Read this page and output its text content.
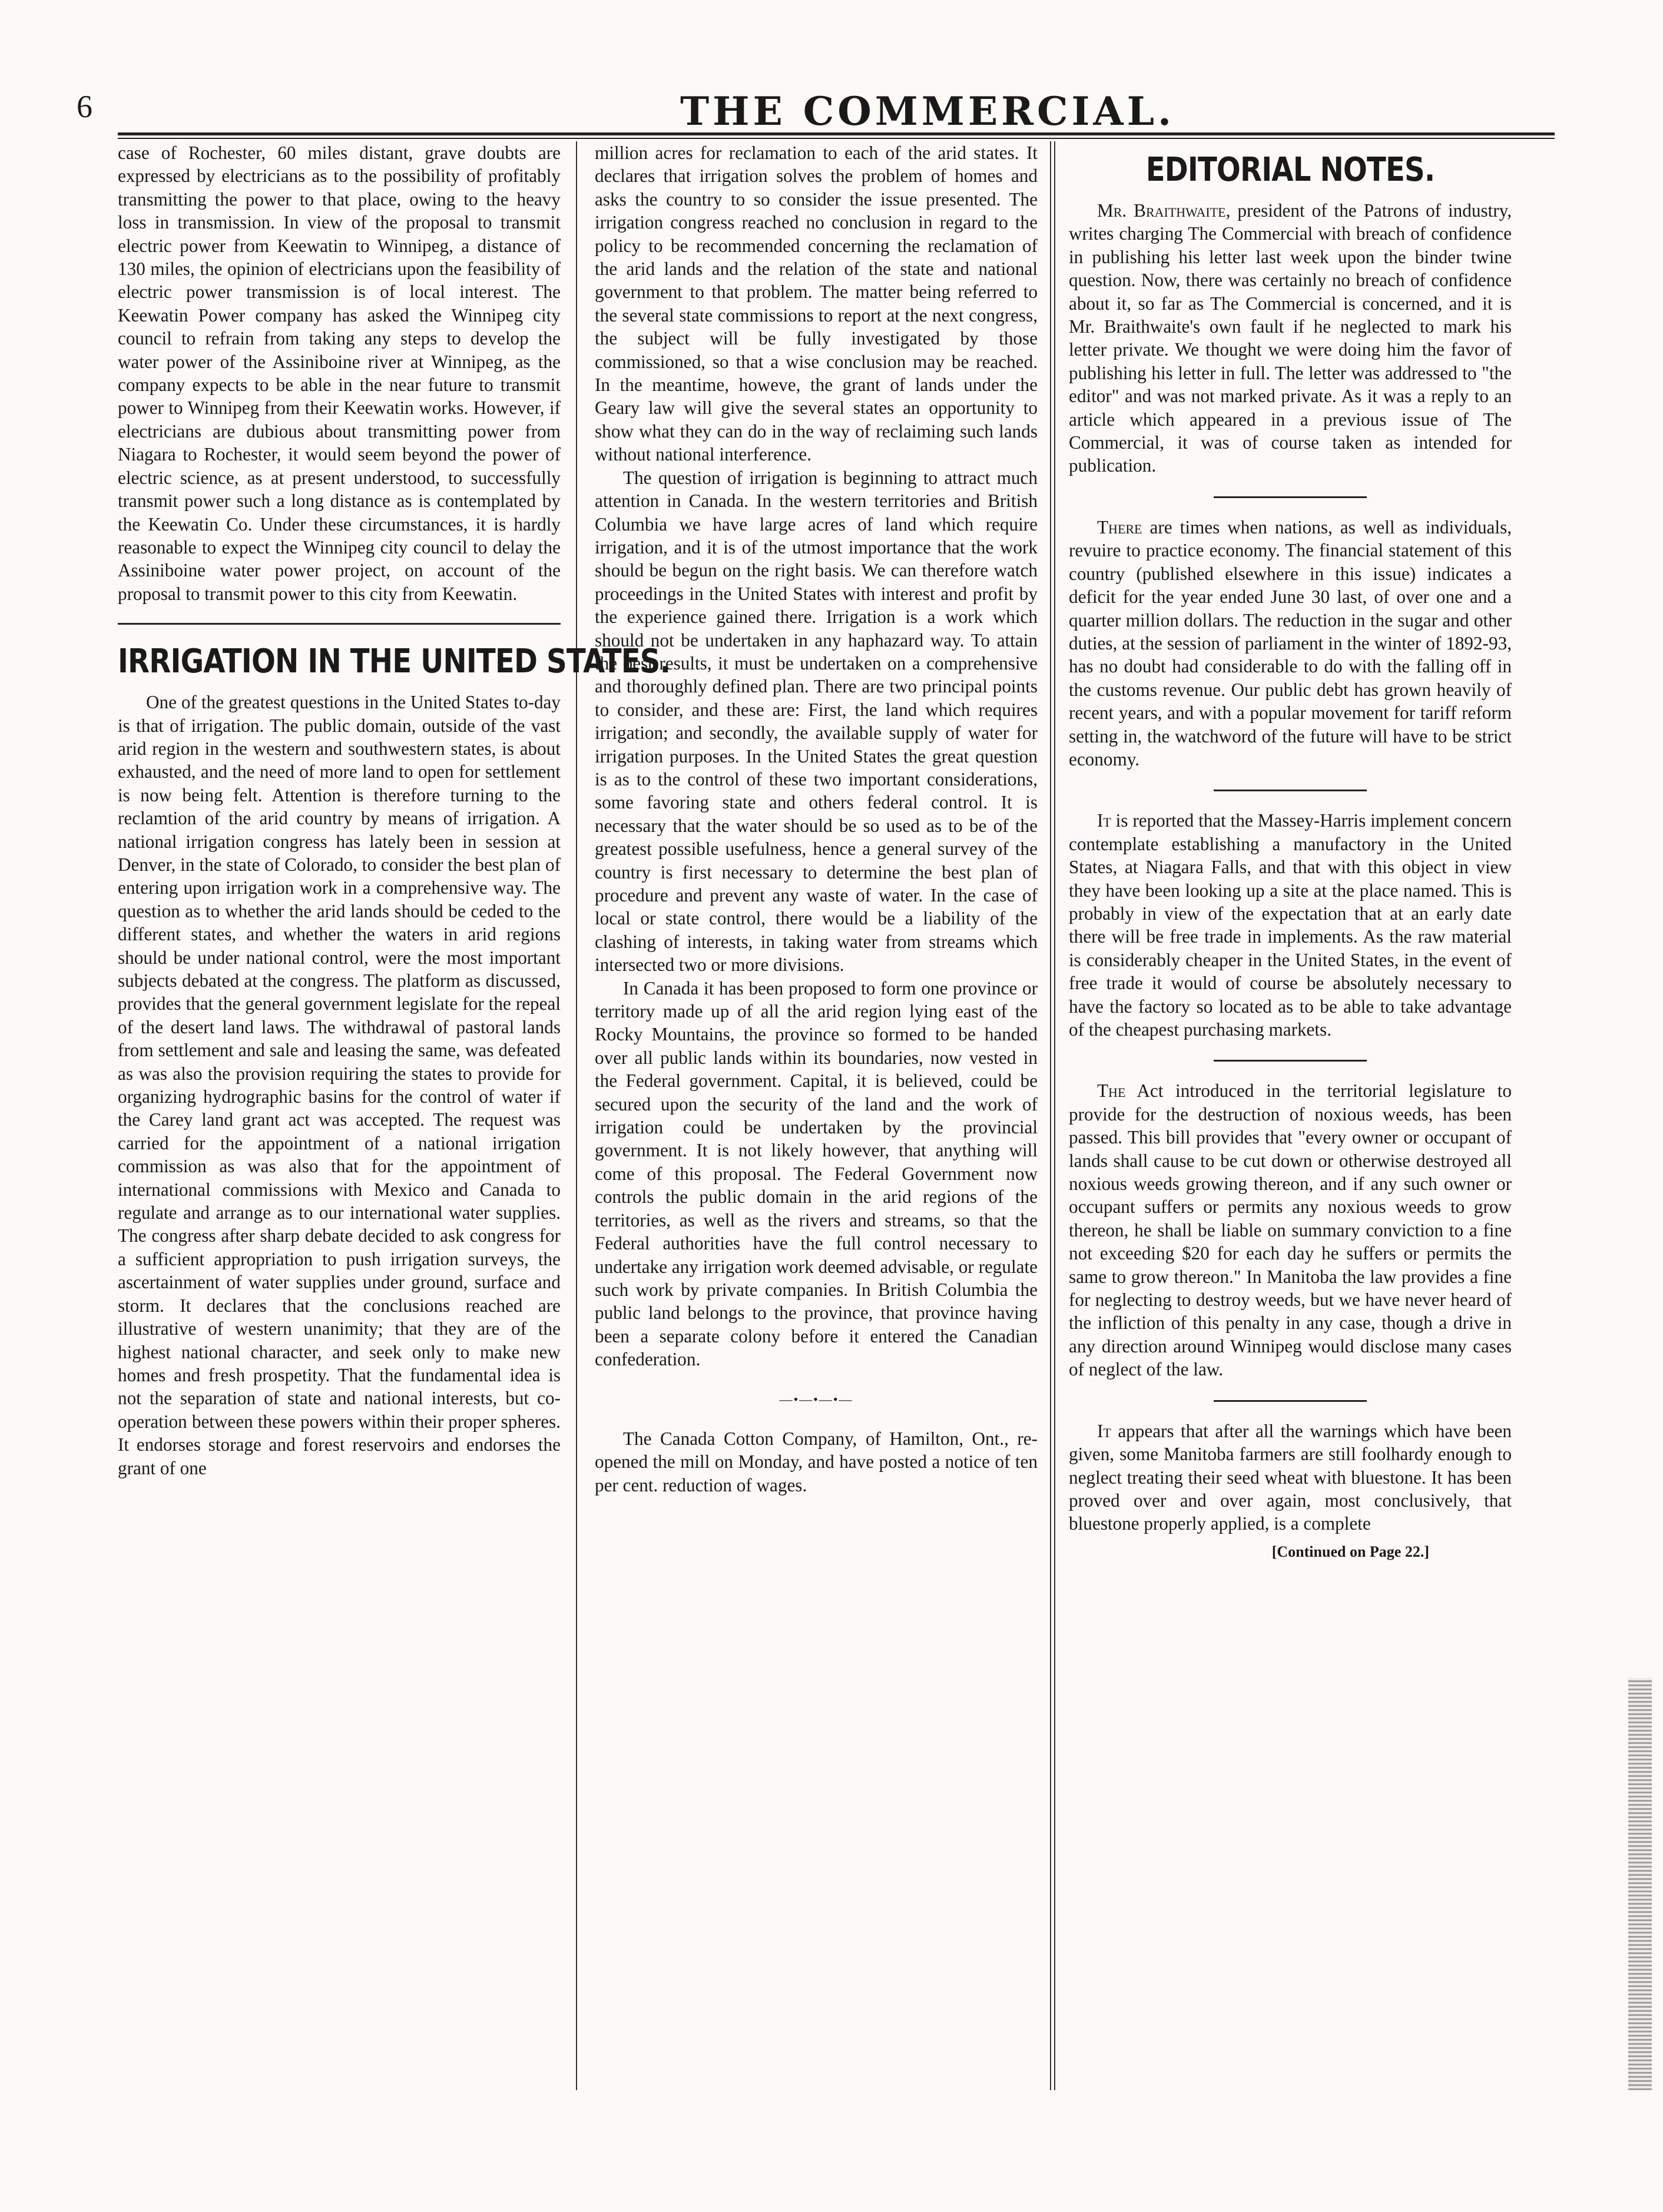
6	THE COMMERCIAL.

case of Rochester, 60 miles distant, grave doubts are expressed by electricians as to the possibility of profitably transmitting the power to that place, owing to the heavy loss in transmission. In view of the proposal to transmit electric power from Keewatin to Winnipeg, a distance of 130 miles, the opinion of electricians upon the feasibility of electric power transmission is of local interest. The Keewatin Power company has asked the Winnipeg city council to refrain from taking any steps to develop the water power of the Assiniboine river at Winnipeg, as the company expects to be able in the near future to transmit power to Winnipeg from their Keewatin works. However, if electricians are dubious about transmitting power from Niagara to Rochester, it would seem beyond the power of electric science, as at present understood, to successfully transmit power such a long distance as is contemplated by the Keewatin Co. Under these circumstances, it is hardly reasonable to expect the Winnipeg city council to delay the Assiniboine water power project, on account of the proposal to transmit power to this city from Keewatin.

IRRIGATION IN THE UNITED STATES.

One of the greatest questions in the United States to-day is that of irrigation. The public domain, outside of the vast arid region in the western and southwestern states, is about exhausted, and the need of more land to open for settlement is now being felt. Attention is therefore turning to the reclamtion of the arid country by means of irrigation. A national irrigation congress has lately been in session at Denver, in the state of Colorado, to consider the best plan of entering upon irrigation work in a comprehensive way. The question as to whether the arid lands should be ceded to the different states, and whether the waters in arid regions should be under national control, were the most important subjects debated at the congress. The platform as discussed, provides that the general government legislate for the repeal of the desert land laws. The withdrawal of pastoral lands from settlement and sale and leasing the same, was defeated as was also the provision requiring the states to provide for organizing hydrographic basins for the control of water if the Carey land grant act was accepted. The request was carried for the appointment of a national irrigation commission as was also that for the appointment of international commissions with Mexico and Canada to regulate and arrange as to our international water supplies. The congress after sharp debate decided to ask congress for a sufficient appropriation to push irrigation surveys, the ascertainment of water supplies under ground, surface and storm. It declares that the conclusions reached are illustrative of western unanimity; that they are of the highest national character, and seek only to make new homes and fresh prospetity. That the fundamental idea is not the separation of state and national interests, but co-operation between these powers within their proper spheres. It endorses storage and forest reservoirs and endorses the grant of one

million acres for reclamation to each of the arid states. It declares that irrigation solves the problem of homes and asks the country to so consider the issue presented. The irrigation congress reached no conclusion in regard to the policy to be recommended concerning the reclamation of the arid lands and the relation of the state and national government to that problem. The matter being referred to the several state commissions to report at the next congress, the subject will be fully investigated by those commissioned, so that a wise conclusion may be reached. In the meantime, howeve, the grant of lands under the Geary law will give the several states an opportunity to show what they can do in the way of reclaiming such lands without national interference.

The question of irrigation is beginning to attract much attention in Canada. In the western territories and British Columbia we have large acres of land which require irrigation, and it is of the utmost importance that the work should be begun on the right basis. We can therefore watch proceedings in the United States with interest and profit by the experience gained there. Irrigation is a work which should not be undertaken in any haphazard way. To attain the best results, it must be undertaken on a comprehensive and thoroughly defined plan. There are two principal points to consider, and these are: First, the land which requires irrigation; and secondly, the available supply of water for irrigation purposes. In the United States the great question is as to the control of these two important considerations, some favoring state and others federal control. It is necessary that the water should be so used as to be of the greatest possible usefulness, hence a general survey of the country is first necessary to determine the best plan of procedure and prevent any waste of water. In the case of local or state control, there would be a liability of the clashing of interests, in taking water from streams which intersected two or more divisions.

In Canada it has been proposed to form one province or territory made up of all the arid region lying east of the Rocky Mountains, the province so formed to be handed over all public lands within its boundaries, now vested in the Federal government. Capital, it is believed, could be secured upon the security of the land and the work of irrigation could be undertaken by the provincial government. It is not likely however, that anything will come of this proposal. The Federal Government now controls the public domain in the arid regions of the territories, as well as the rivers and streams, so that the Federal authorities have the full control necessary to undertake any irrigation work deemed advisable, or regulate such work by private companies. In British Columbia the public land belongs to the province, that province having been a separate colony before it entered the Canadian confederation.

—•—•—•—

The Canada Cotton Company, of Hamilton, Ont., re-opened the mill on Monday, and have posted a notice of ten per cent. reduction of wages.

EDITORIAL NOTES.

Mr. Braithwaite, president of the Patrons of industry, writes charging The Commercial with breach of confidence in publishing his letter last week upon the binder twine question. Now, there was certainly no breach of confidence about it, so far as The Commercial is concerned, and it is Mr. Braithwaite's own fault if he neglected to mark his letter private. We thought we were doing him the favor of publishing his letter in full. The letter was addressed to "the editor" and was not marked private. As it was a reply to an article which appeared in a previous issue of The Commercial, it was of course taken as intended for publication.

There are times when nations, as well as individuals, revuire to practice economy. The financial statement of this country (published elsewhere in this issue) indicates a deficit for the year ended June 30 last, of over one and a quarter million dollars. The reduction in the sugar and other duties, at the session of parliament in the winter of 1892-93, has no doubt had considerable to do with the falling off in the customs revenue. Our public debt has grown heavily of recent years, and with a popular movement for tariff reform setting in, the watchword of the future will have to be strict economy.

It is reported that the Massey-Harris implement concern contemplate establishing a manufactory in the United States, at Niagara Falls, and that with this object in view they have been looking up a site at the place named. This is probably in view of the expectation that at an early date there will be free trade in implements. As the raw material is considerably cheaper in the United States, in the event of free trade it would of course be absolutely necessary to have the factory so located as to be able to take advantage of the cheapest purchasing markets.

The Act introduced in the territorial legislature to provide for the destruction of noxious weeds, has been passed. This bill provides that "every owner or occupant of lands shall cause to be cut down or otherwise destroyed all noxious weeds growing thereon, and if any such owner or occupant suffers or permits any noxious weeds to grow thereon, he shall be liable on summary conviction to a fine not exceeding $20 for each day he suffers or permits the same to grow thereon." In Manitoba the law provides a fine for neglecting to destroy weeds, but we have never heard of the infliction of this penalty in any case, though a drive in any direction around Winnipeg would disclose many cases of neglect of the law.

It appears that after all the warnings which have been given, some Manitoba farmers are still foolhardy enough to neglect treating their seed wheat with bluestone. It has been proved over and over again, most conclusively, that bluestone properly applied, is a complete

[Continued on Page 22.]
